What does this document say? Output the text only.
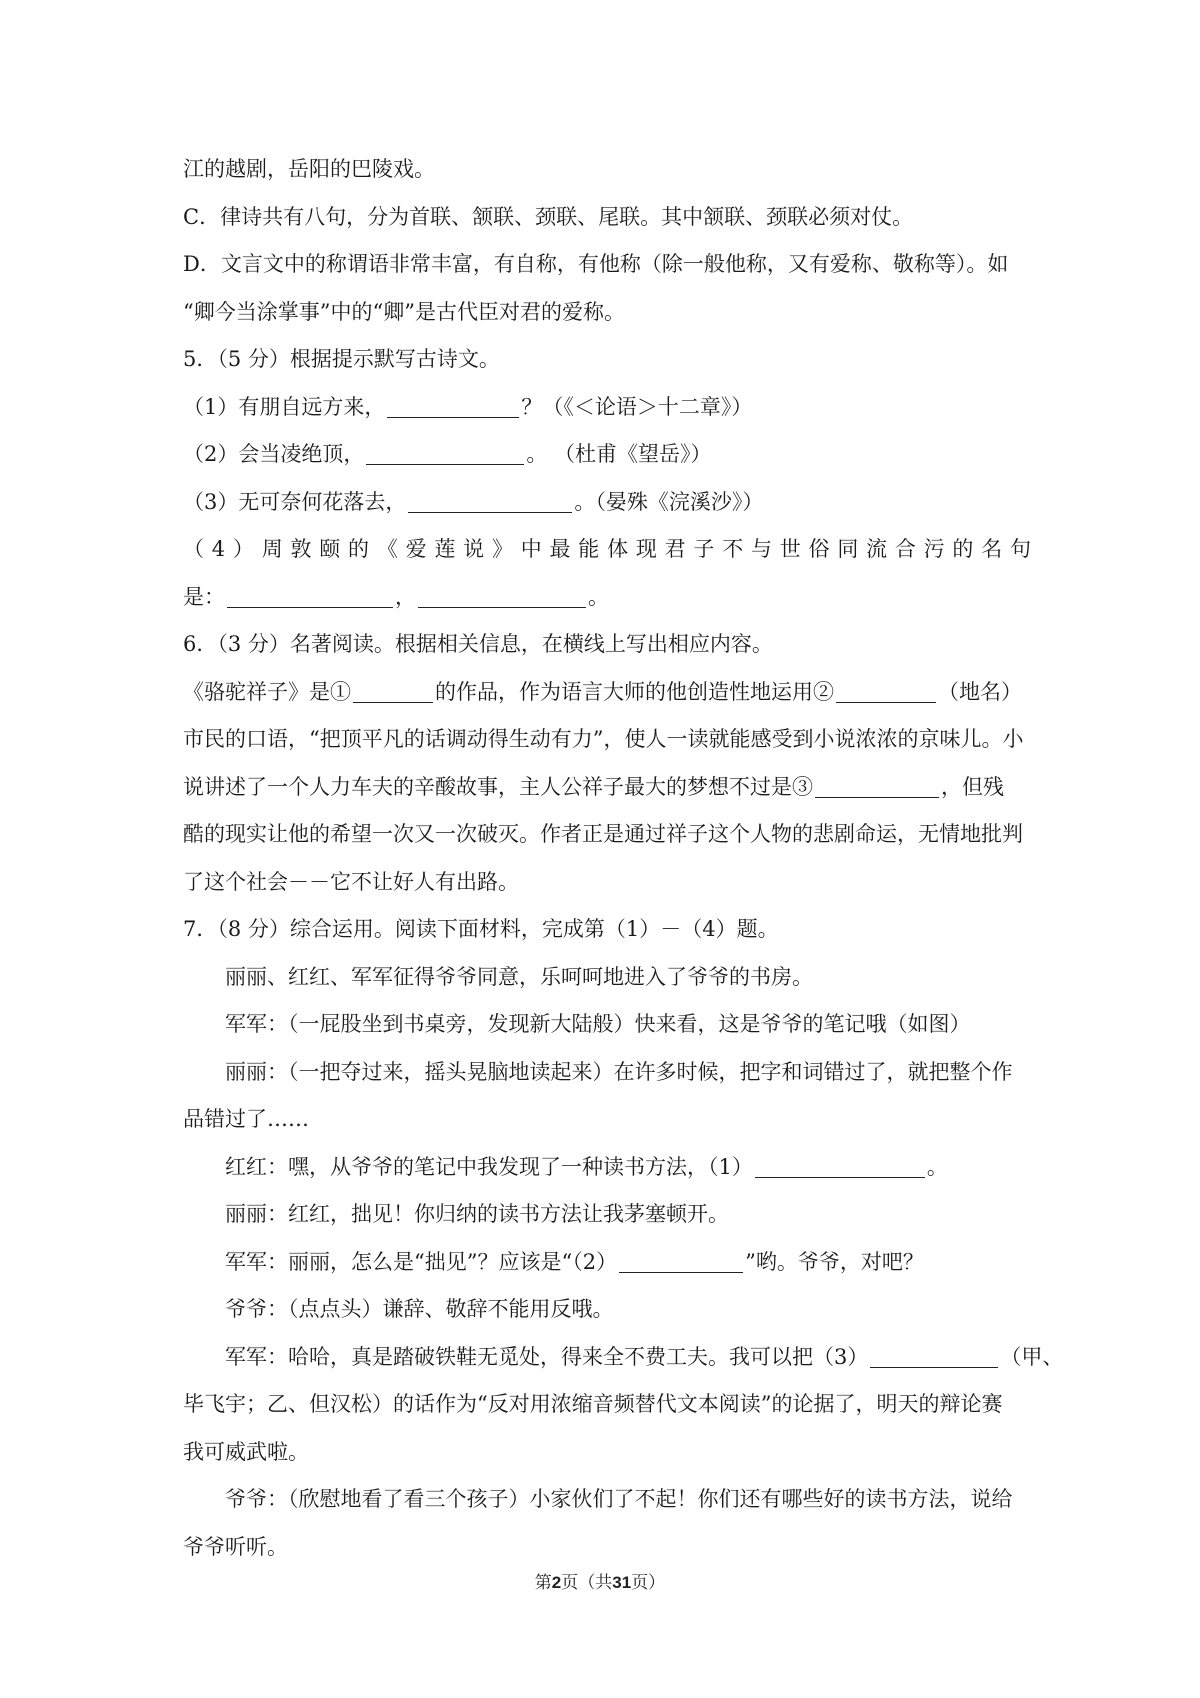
江的越剧，岳阳的巴陵戏。
C．律诗共有八句，分为首联、颔联、颈联、尾联。其中颔联、颈联必须对仗。
D．文言文中的称谓语非常丰富，有自称，有他称（除一般他称，又有爱称、敬称等）。如
“卿今当涂掌事”中的“卿”是古代臣对君的爱称。
5．（5 分）根据提示默写古诗文。
（1）有朋自远方来，	？（《＜论语＞十二章》）
（2）会当凌绝顶，	。 （杜甫《望岳》）
（3）无可奈何花落去，	。（晏殊《浣溪沙》）
（4）周敦颐的《爱莲说》中最能体现君子不与世俗同流合污的名句
是：	，	。
6．（3 分）名著阅读。根据相关信息，在横线上写出相应内容。
《骆驼祥子》是①	的作品，作为语言大师的他创造性地运用②	（地名）
市民的口语，“把顶平凡的话调动得生动有力”，使人一读就能感受到小说浓浓的京味儿。小
说讲述了一个人力车夫的辛酸故事，主人公祥子最大的梦想不过是③	，但残
酷的现实让他的希望一次又一次破灭。作者正是通过祥子这个人物的悲剧命运，无情地批判
了这个社会－－它不让好人有出路。
7．（8 分）综合运用。阅读下面材料，完成第（1）－（4）题。
丽丽、红红、军军征得爷爷同意，乐呵呵地进入了爷爷的书房。
军军：（一屁股坐到书桌旁，发现新大陆般）快来看，这是爷爷的笔记哦（如图）
丽丽：（一把夺过来，摇头晃脑地读起来）在许多时候，把字和词错过了，就把整个作
品错过了……
红红：嘿，从爷爷的笔记中我发现了一种读书方法，（1）	。
丽丽：红红，拙见！你归纳的读书方法让我茅塞顿开。
军军：丽丽，怎么是“拙见”？应该是“（2）	”哟。爷爷，对吧？
爷爷：（点点头）谦辞、敬辞不能用反哦。
军军：哈哈，真是踏破铁鞋无觅处，得来全不费工夫。我可以把（3）	（甲、
毕飞宇；乙、但汉松）的话作为“反对用浓缩音频替代文本阅读”的论据了，明天的辩论赛
我可威武啦。
爷爷：（欣慰地看了看三个孩子）小家伙们了不起！你们还有哪些好的读书方法，说给
爷爷听听。
第2页（共31页）
